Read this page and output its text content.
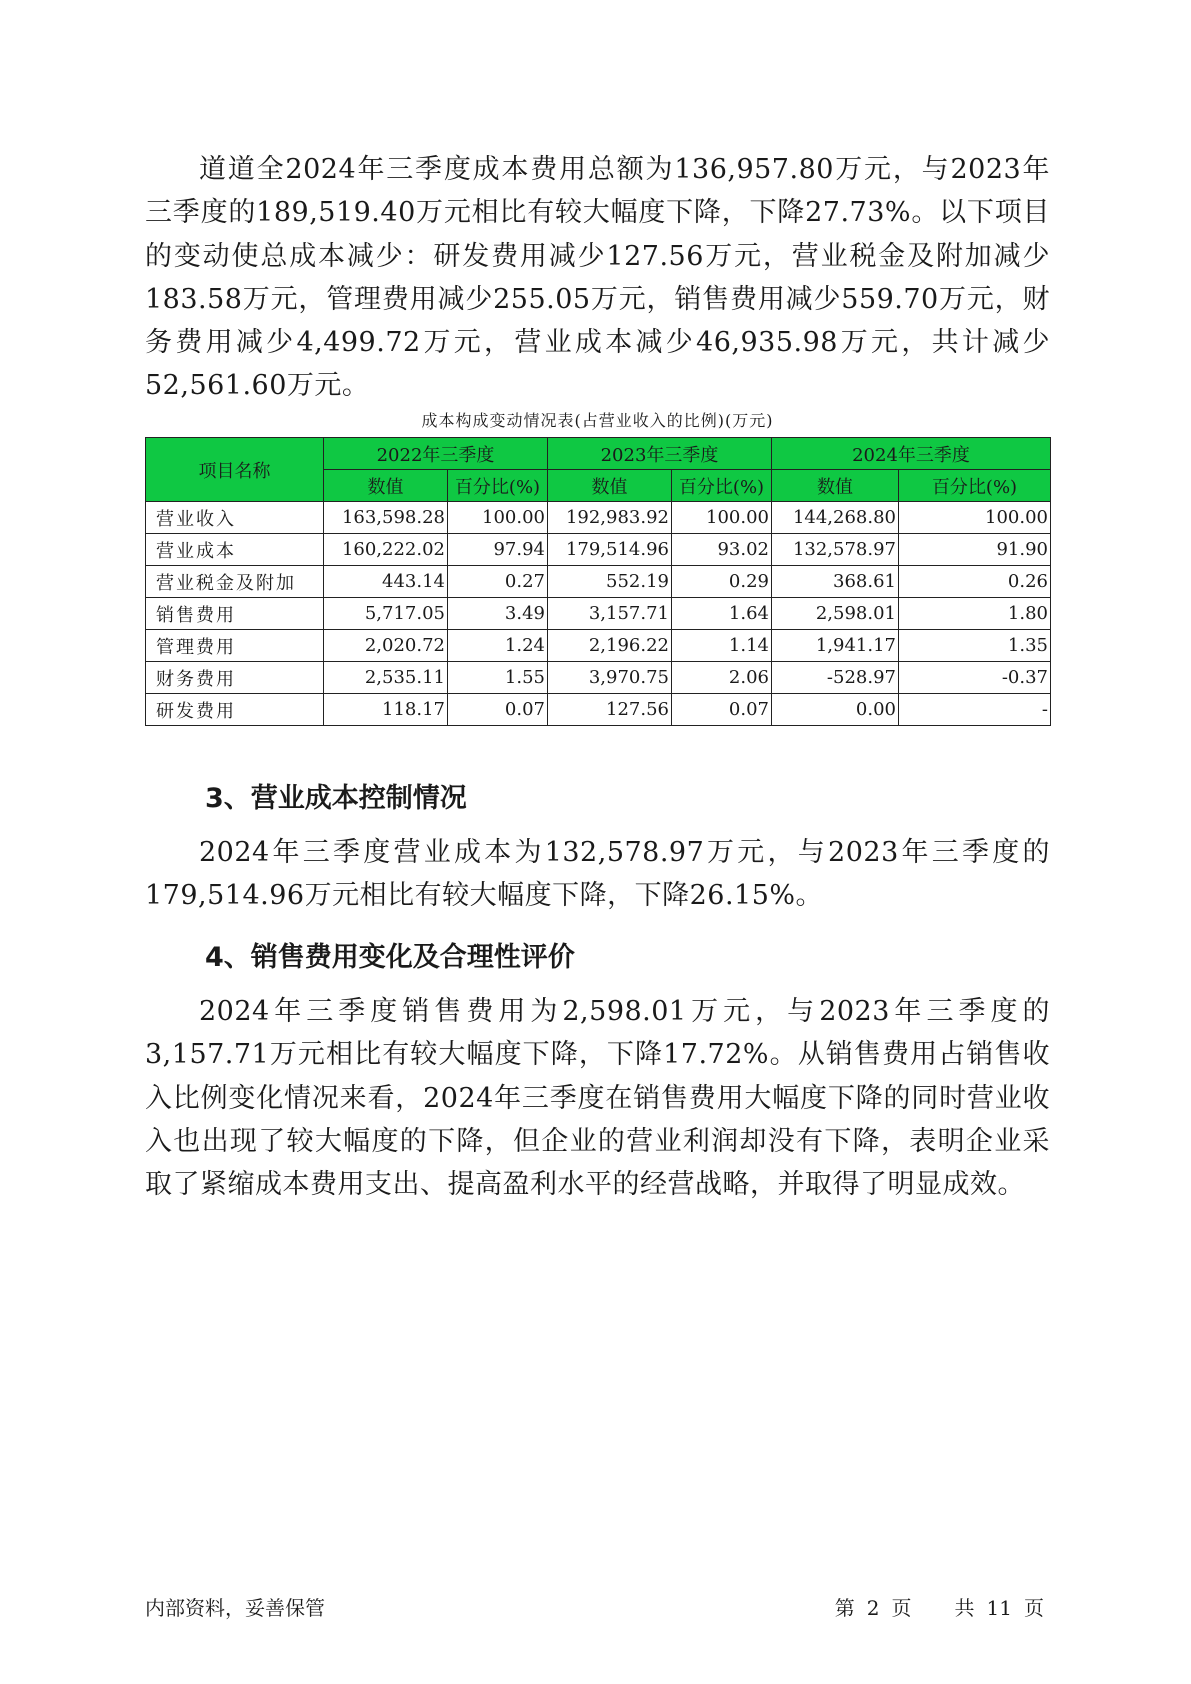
道道全2024年三季度成本费用总额为136,957.80万元，与2023年三季度的189,519.40万元相比有较大幅度下降，下降27.73%。以下项目的变动使总成本减少：研发费用减少127.56万元，营业税金及附加减少183.58万元，管理费用减少255.05万元，销售费用减少559.70万元，财务费用减少4,499.72万元，营业成本减少46,935.98万元，共计减少52,561.60万元。

成本构成变动情况表(占营业收入的比例)(万元)
项目名称	2022年三季度		2023年三季度		2024年三季度	
	数值	百分比(%)	数值	百分比(%)	数值	百分比(%)
营业收入	163,598.28	100.00	192,983.92	100.00	144,268.80	100.00
营业成本	160,222.02	97.94	179,514.96	93.02	132,578.97	91.90
营业税金及附加	443.14	0.27	552.19	0.29	368.61	0.26
销售费用	5,717.05	3.49	3,157.71	1.64	2,598.01	1.80
管理费用	2,020.72	1.24	2,196.22	1.14	1,941.17	1.35
财务费用	2,535.11	1.55	3,970.75	2.06	-528.97	-0.37
研发费用	118.17	0.07	127.56	0.07	0.00	-
3、营业成本控制情况

2024年三季度营业成本为132,578.97万元，与2023年三季度的179,514.96万元相比有较大幅度下降，下降26.15%。

4、销售费用变化及合理性评价

2024年三季度销售费用为2,598.01万元，与2023年三季度的3,157.71万元相比有较大幅度下降，下降17.72%。从销售费用占销售收入比例变化情况来看，2024年三季度在销售费用大幅度下降的同时营业收入也出现了较大幅度的下降，但企业的营业利润却没有下降，表明企业采取了紧缩成本费用支出、提高盈利水平的经营战略，并取得了明显成效。

内部资料，妥善保管	第 2 页 共 11 页
